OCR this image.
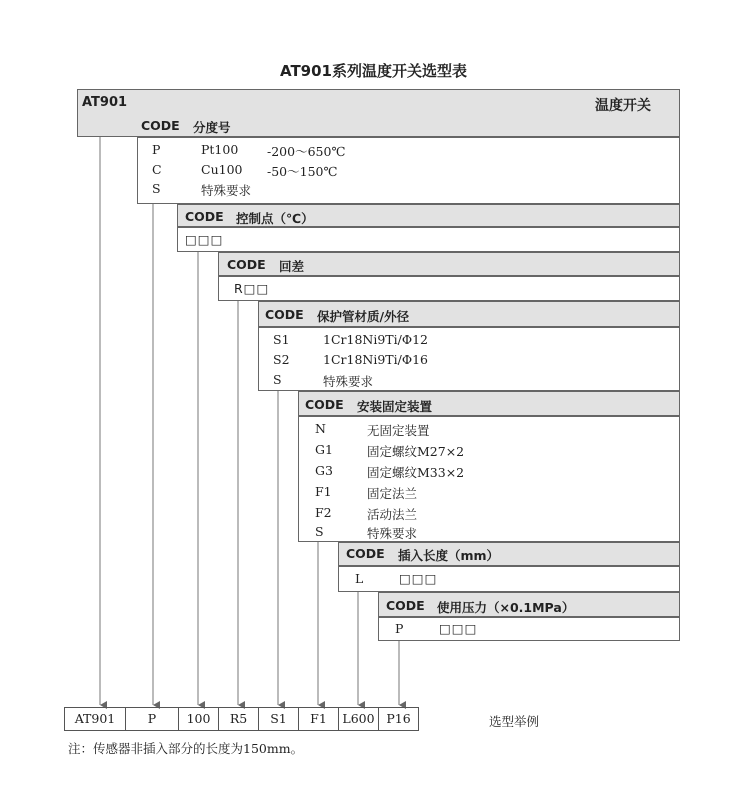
AT901系列温度开关选型表
AT901	温度开关
CODE 分度号
P	Pt100 -200～650℃
C	Cu100 -50～150℃
S	特殊要求
CODE 控制点（℃）
□□□
CODE 回差
R□□
CODE 保护管材质/外径
S1	1Cr18Ni9Ti/Φ12
S2	1Cr18Ni9Ti/Φ16
S	特殊要求
CODE 安装固定装置
N	无固定装置
G1	固定螺纹M27×2
G3	固定螺纹M33×2
F1	固定法兰
F2	活动法兰
S	特殊要求
CODE 插入长度（mm）
L	□□□
CODE 使用压力（×0.1MPa）
P	□□□
AT901	P	100	R5	S1	F1	L600 P16	选型举例
注：传感器非插入部分的长度为150mm。
